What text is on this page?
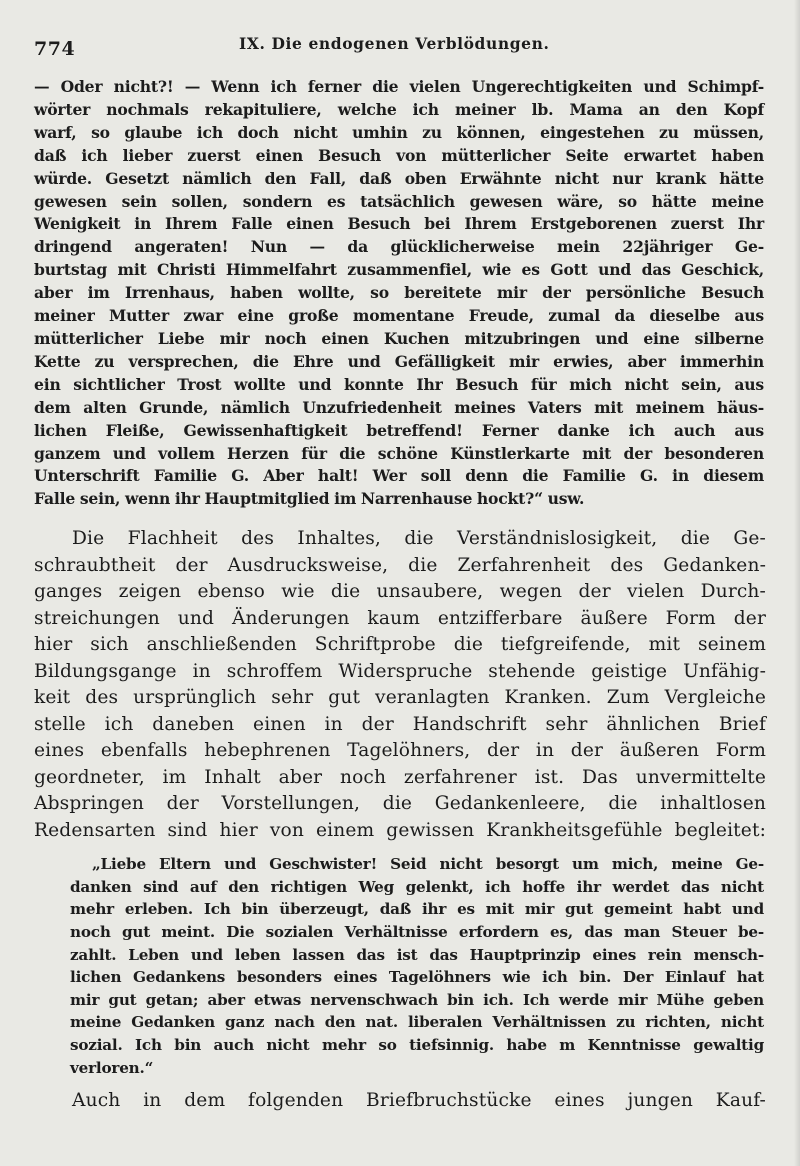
774	IX. Die endogenen Verblödungen.
— Oder nicht?! — Wenn ich ferner die vielen Ungerechtigkeiten und Schimpf-
wörter nochmals rekapituliere, welche ich meiner lb. Mama an den Kopf
warf, so glaube ich doch nicht umhin zu können, eingestehen zu müssen,
daß ich lieber zuerst einen Besuch von mütterlicher Seite erwartet haben
würde. Gesetzt nämlich den Fall, daß oben Erwähnte nicht nur krank hätte
gewesen sein sollen, sondern es tatsächlich gewesen wäre, so hätte meine
Wenigkeit in Ihrem Falle einen Besuch bei Ihrem Erstgeborenen zuerst Ihr
dringend angeraten! Nun — da glücklicherweise mein 22jähriger Ge-
burtstag mit Christi Himmelfahrt zusammenfiel, wie es Gott und das Geschick,
aber im Irrenhaus, haben wollte, so bereitete mir der persönliche Besuch
meiner Mutter zwar eine große momentane Freude, zumal da dieselbe aus
mütterlicher Liebe mir noch einen Kuchen mitzubringen und eine silberne
Kette zu versprechen, die Ehre und Gefälligkeit mir erwies, aber immerhin
ein sichtlicher Trost wollte und konnte Ihr Besuch für mich nicht sein, aus
dem alten Grunde, nämlich Unzufriedenheit meines Vaters mit meinem häus-
lichen Fleiße, Gewissenhaftigkeit betreffend! Ferner danke ich auch aus
ganzem und vollem Herzen für die schöne Künstlerkarte mit der besonderen
Unterschrift Familie G. Aber halt! Wer soll denn die Familie G. in diesem
Falle sein, wenn ihr Hauptmitglied im Narrenhause hockt?“ usw.
Die Flachheit des Inhaltes, die Verständnislosigkeit, die Ge-
schraubtheit der Ausdrucksweise, die Zerfahrenheit des Gedanken-
ganges zeigen ebenso wie die unsaubere, wegen der vielen Durch-
streichungen und Änderungen kaum entzifferbare äußere Form der
hier sich anschließenden Schriftprobe die tiefgreifende, mit seinem
Bildungsgange in schroffem Widerspruche stehende geistige Unfähig-
keit des ursprünglich sehr gut veranlagten Kranken. Zum Vergleiche
stelle ich daneben einen in der Handschrift sehr ähnlichen Brief
eines ebenfalls hebephrenen Tagelöhners, der in der äußeren Form
geordneter, im Inhalt aber noch zerfahrener ist. Das unvermittelte
Abspringen der Vorstellungen, die Gedankenleere, die inhaltlosen
Redensarten sind hier von einem gewissen Krankheitsgefühle begleitet:
„Liebe Eltern und Geschwister! Seid nicht besorgt um mich, meine Ge-
danken sind auf den richtigen Weg gelenkt, ich hoffe ihr werdet das nicht
mehr erleben. Ich bin überzeugt, daß ihr es mit mir gut gemeint habt und
noch gut meint. Die sozialen Verhältnisse erfordern es, das man Steuer be-
zahlt. Leben und leben lassen das ist das Hauptprinzip eines rein mensch-
lichen Gedankens besonders eines Tagelöhners wie ich bin. Der Einlauf hat
mir gut getan; aber etwas nervenschwach bin ich. Ich werde mir Mühe geben
meine Gedanken ganz nach den nat. liberalen Verhältnissen zu richten, nicht
sozial. Ich bin auch nicht mehr so tiefsinnig. habe m Kenntnisse gewaltig
verloren.“
Auch in dem folgenden Briefbruchstücke eines jungen Kauf-
